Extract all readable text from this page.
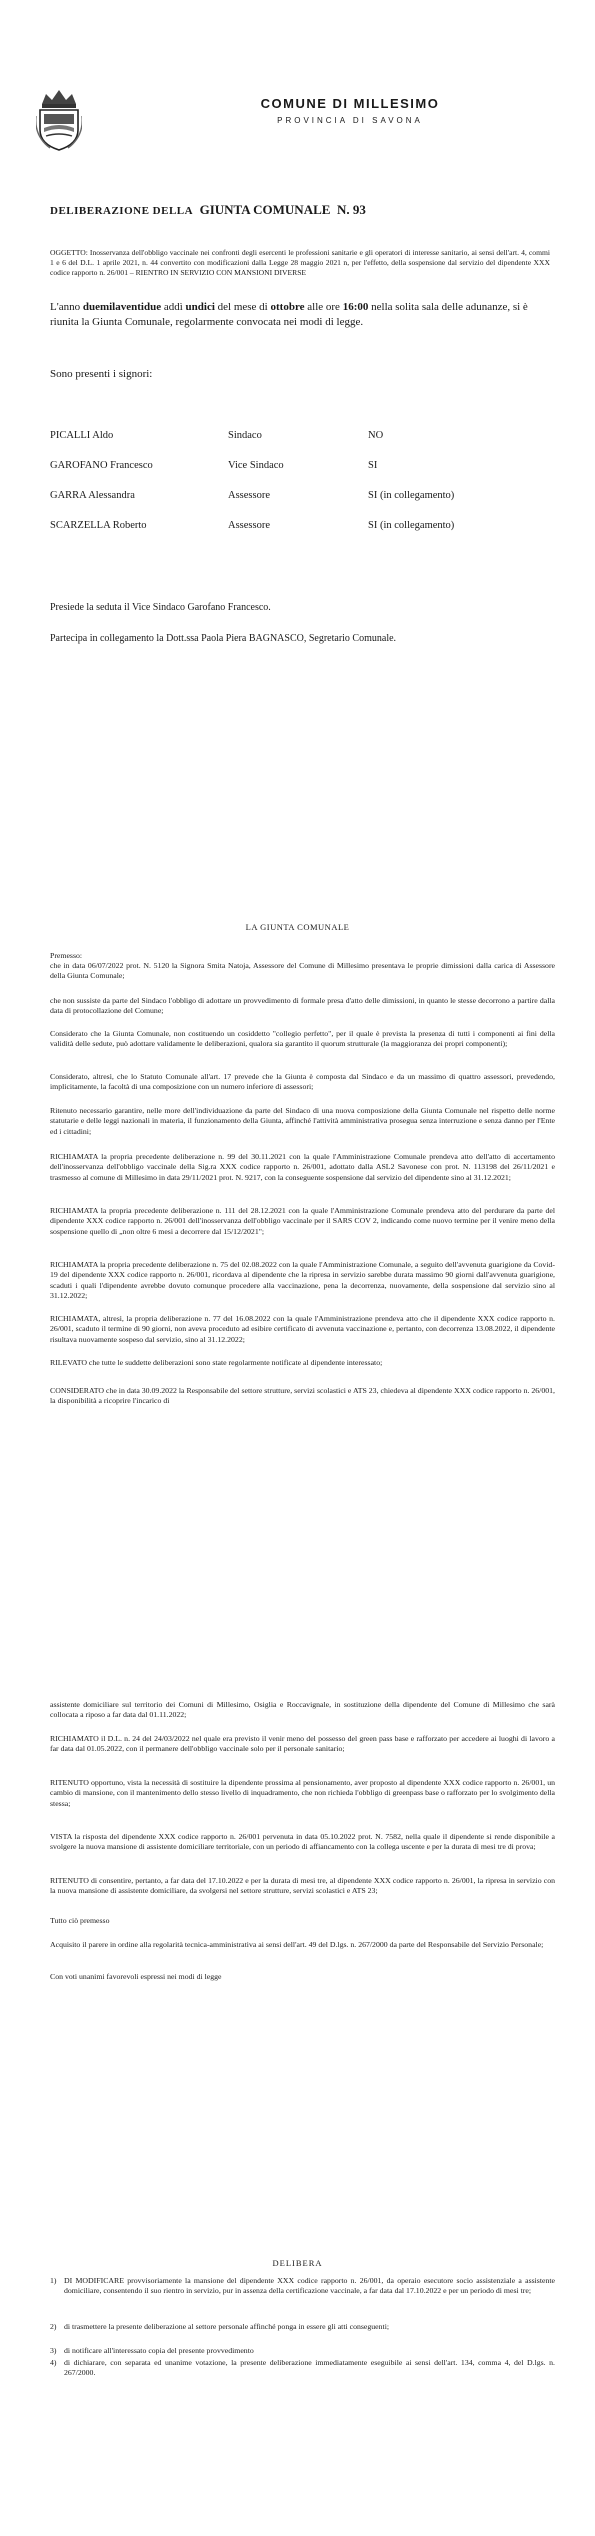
COMUNE DI MILLESIMO
PROVINCIA DI SAVONA
DELIBERAZIONE DELLA GIUNTA COMUNALE N. 93
OGGETTO: Inosservanza dell'obbligo vaccinale nei confronti degli esercenti le professioni sanitarie e gli operatori di interesse sanitario, ai sensi dell'art. 4, commi 1 e 6 del D.L. 1 aprile 2021, n. 44 convertito con modificazioni dalla Legge 28 maggio 2021 n, per l'effetto, della sospensione dal servizio del dipendente XXX codice rapporto n. 26/001 – RIENTRO IN SERVIZIO CON MANSIONI DIVERSE
L'anno duemilaventidue addì undici del mese di ottobre alle ore 16:00 nella solita sala delle adunanze, si è riunita la Giunta Comunale, regolarmente convocata nei modi di legge.
Sono presenti i signori:
PICALLI Aldo	Sindaco	NO
GAROFANO Francesco	Vice Sindaco	SI
GARRA Alessandra	Assessore	SI (in collegamento)
SCARZELLA Roberto	Assessore	SI (in collegamento)
Presiede la seduta il Vice Sindaco Garofano Francesco.
Partecipa in collegamento la Dott.ssa Paola Piera BAGNASCO, Segretario Comunale.
LA GIUNTA COMUNALE
Premesso:
che in data 06/07/2022 prot. N. 5120 la Signora Smita Natoja, Assessore del Comune di Millesimo presentava le proprie dimissioni dalla carica di Assessore della Giunta Comunale;
che non sussiste da parte del Sindaco l'obbligo di adottare un provvedimento di formale presa d'atto delle dimissioni, in quanto le stesse decorrono a partire dalla data di protocollazione del Comune;
Considerato che la Giunta Comunale, non costituendo un cosiddetto "collegio perfetto", per il quale è prevista la presenza di tutti i componenti ai fini della validità delle sedute, può adottare validamente le deliberazioni, qualora sia garantito il quorum strutturale (la maggioranza dei propri componenti);
Considerato, altresì, che lo Statuto Comunale all'art. 17 prevede che la Giunta è composta dal Sindaco e da un massimo di quattro assessori, prevedendo, implicitamente, la facoltà di una composizione con un numero inferiore di assessori;
Ritenuto necessario garantire, nelle more dell'individuazione da parte del Sindaco di una nuova composizione della Giunta Comunale nel rispetto delle norme statutarie e delle leggi nazionali in materia, il funzionamento della Giunta, affinché l'attività amministrativa prosegua senza interruzione e senza danno per l'Ente ed i cittadini;
RICHIAMATA la propria precedente deliberazione n. 99 del 30.11.2021 con la quale l'Amministrazione Comunale prendeva atto dell'atto di accertamento dell'inosservanza dell'obbligo vaccinale della Sig.ra XXX codice rapporto n. 26/001, adottato dalla ASL2 Savonese con prot. N. 113198 del 26/11/2021 e trasmesso al comune di Millesimo in data 29/11/2021 prot. N. 9217, con la conseguente sospensione dal servizio del dipendente sino al 31.12.2021;
RICHIAMATA la propria precedente deliberazione n. 111 del 28.12.2021 con la quale l'Amministrazione Comunale prendeva atto del perdurare da parte del dipendente XXX codice rapporto n. 26/001 dell'inosservanza dell'obbligo vaccinale per il SARS COV 2, indicando come nuovo termine per il venire meno della sospensione quello di „non oltre 6 mesi a decorrere dal 15/12/2021";
RICHIAMATA la propria precedente deliberazione n. 75 del 02.08.2022 con la quale l'Amministrazione Comunale, a seguito dell'avvenuta guarigione da Covid-19 del dipendente XXX codice rapporto n. 26/001, ricordava al dipendente che la ripresa in servizio sarebbe durata massimo 90 giorni dall'avvenuta guarigione, scaduti i quali l'dipendente avrebbe dovuto comunque procedere alla vaccinazione, pena la decorrenza, nuovamente, della sospensione dal servizio sino al 31.12.2022;
RICHIAMATA, altresì, la propria deliberazione n. 77 del 16.08.2022 con la quale l'Amministrazione prendeva atto che il dipendente XXX codice rapporto n. 26/001, scaduto il termine di 90 giorni, non aveva proceduto ad esibire certificato di avvenuta vaccinazione e, pertanto, con decorrenza 13.08.2022, il dipendente risultava nuovamente sospeso dal servizio, sino al 31.12.2022;
RILEVATO che tutte le suddette deliberazioni sono state regolarmente notificate al dipendente interessato;
CONSIDERATO che in data 30.09.2022 la Responsabile del settore strutture, servizi scolastici e ATS 23, chiedeva al dipendente XXX codice rapporto n. 26/001, la disponibilità a ricoprire l'incarico di
assistente domiciliare sul territorio dei Comuni di Millesimo, Osiglia e Roccavignale, in sostituzione della dipendente del Comune di Millesimo che sarà collocata a riposo a far data dal 01.11.2022;
RICHIAMATO il D.L. n. 24 del 24/03/2022 nel quale era previsto il venir meno del possesso del green pass base e rafforzato per accedere ai luoghi di lavoro a far data dal 01.05.2022, con il permanere dell'obbligo vaccinale solo per il personale sanitario;
RITENUTO opportuno, vista la necessità di sostituire la dipendente prossima al pensionamento, aver proposto al dipendente XXX codice rapporto n. 26/001, un cambio di mansione, con il mantenimento dello stesso livello di inquadramento, che non richieda l'obbligo di greenpass base o rafforzato per lo svolgimento della stessa;
VISTA la risposta del dipendente XXX codice rapporto n. 26/001 pervenuta in data 05.10.2022 prot. N. 7582, nella quale il dipendente si rende disponibile a svolgere la nuova mansione di assistente domiciliare territoriale, con un periodo di affiancamento con la collega uscente e per la durata di mesi tre di prova;
RITENUTO di consentire, pertanto, a far data del 17.10.2022 e per la durata di mesi tre, al dipendente XXX codice rapporto n. 26/001, la ripresa in servizio con la nuova mansione di assistente domiciliare, da svolgersi nel settore strutture, servizi scolastici e ATS 23;
Tutto ciò premesso
Acquisito il parere in ordine alla regolarità tecnica-amministrativa ai sensi dell'art. 49 del D.lgs. n. 267/2000 da parte del Responsabile del Servizio Personale;
Con voti unanimi favorevoli espressi nei modi di legge
DELIBERA
1) DI MODIFICARE provvisoriamente la mansione del dipendente XXX codice rapporto n. 26/001, da operaio esecutore socio assistenziale a assistente domiciliare, consentendo il suo rientro in servizio, pur in assenza della certificazione vaccinale, a far data dal 17.10.2022 e per un periodo di mesi tre;
2) di trasmettere la presente deliberazione al settore personale affinché ponga in essere gli atti conseguenti;
3) di notificare all'interessato copia del presente provvedimento
4) di dichiarare, con separata ed unanime votazione, la presente deliberazione immediatamente eseguibile ai sensi dell'art. 134, comma 4, del D.lgs. n. 267/2000.
